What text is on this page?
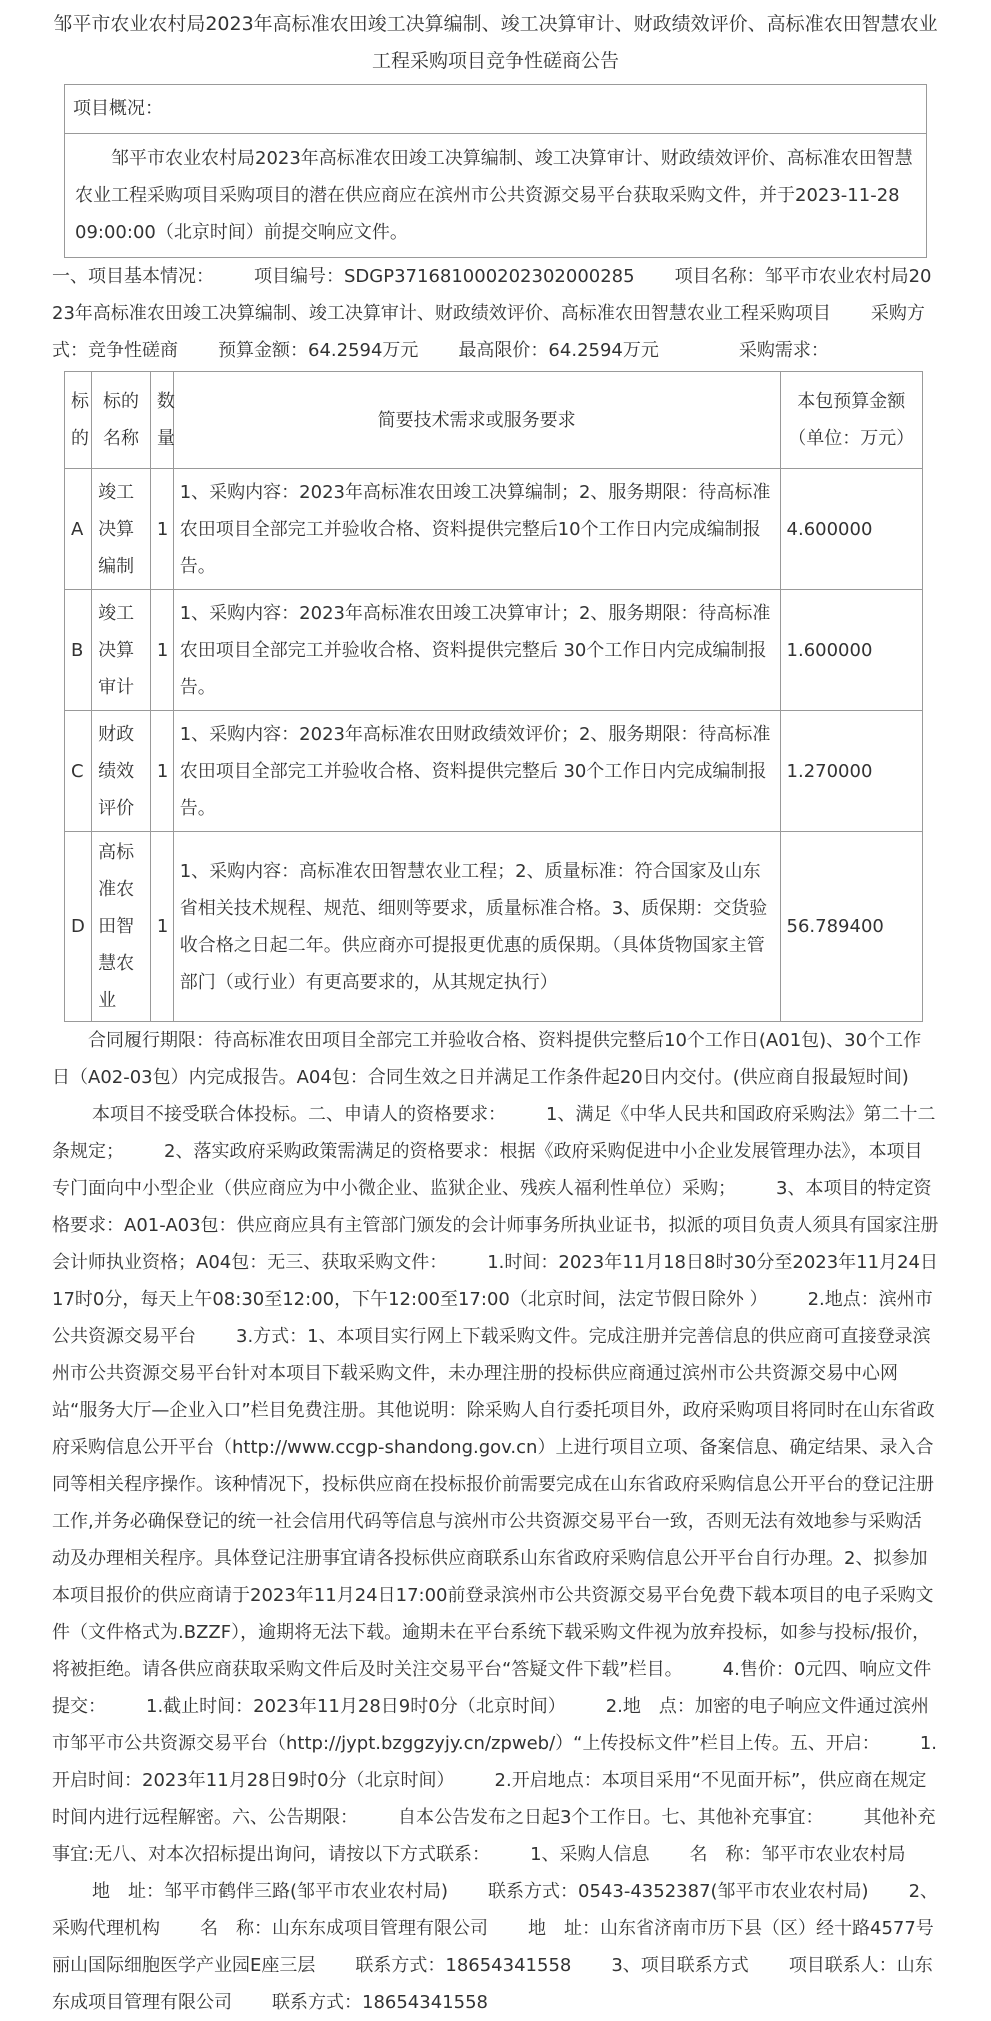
邹平市农业农村局2023年高标准农田竣工决算编制、竣工决算审计、财政绩效评价、高标准农田智慧农业工程采购项目竞争性磋商公告
项目概况：
邹平市农业农村局2023年高标准农田竣工决算编制、竣工决算审计、财政绩效评价、高标准农田智慧农业工程采购项目采购项目的潜在供应商应在滨州市公共资源交易平台获取采购文件，并于2023-11-28 09:00:00（北京时间）前提交响应文件。
一、项目基本情况： 项目编号：SDGP371681000202302000285 项目名称：邹平市农业农村局2023年高标准农田竣工决算编制、竣工决算审计、财政绩效评价、高标准农田智慧农业工程采购项目 采购方式：竞争性磋商 预算金额：64.2594万元 最高限价：64.2594万元	采购需求：
标的	标的名称	数量	简要技术需求或服务要求	本包预算金额（单位：万元）
A	竣工决算编制	1	1、采购内容：2023年高标准农田竣工决算编制；2、服务期限：待高标准农田项目全部完工并验收合格、资料提供完整后10个工作日内完成编制报告。	4.600000
B	竣工决算审计	1	1、采购内容：2023年高标准农田竣工决算审计；2、服务期限：待高标准农田项目全部完工并验收合格、资料提供完整后 30个工作日内完成编制报告。	1.600000
C	财政绩效评价	1	1、采购内容：2023年高标准农田财政绩效评价；2、服务期限：待高标准农田项目全部完工并验收合格、资料提供完整后 30个工作日内完成编制报告。	1.270000
D	高标准农田智慧农业	1	1、采购内容：高标准农田智慧农业工程；2、质量标准：符合国家及山东省相关技术规程、规范、细则等要求，质量标准合格。3、质保期：交货验收合格之日起二年。供应商亦可提报更优惠的质保期。（具体货物国家主管部门（或行业）有更高要求的，从其规定执行）	56.789400
合同履行期限：待高标准农田项目全部完工并验收合格、资料提供完整后10个工作日(A01包)、30个工作日（A02-03包）内完成报告。A04包：合同生效之日并满足工作条件起20日内交付。(供应商自报最短时间)本项目不接受联合体投标。二、申请人的资格要求： 1、满足《中华人民共和国政府采购法》第二十二条规定； 2、落实政府采购政策需满足的资格要求：根据《政府采购促进中小企业发展管理办法》，本项目专门面向中小型企业（供应商应为中小微企业、监狱企业、残疾人福利性单位）采购； 3、本项目的特定资格要求：A01-A03包：供应商应具有主管部门颁发的会计师事务所执业证书，拟派的项目负责人须具有国家注册会计师执业资格；A04包：无三、获取采购文件： 1.时间：2023年11月18日8时30分至2023年11月24日17时0分，每天上午08:30至12:00，下午12:00至17:00（北京时间，法定节假日除外 ） 2.地点：滨州市公共资源交易平台 3.方式：1、本项目实行网上下载采购文件。完成注册并完善信息的供应商可直接登录滨州市公共资源交易平台针对本项目下载采购文件，未办理注册的投标供应商通过滨州市公共资源交易中心网站“服务大厅—企业入口”栏目免费注册。其他说明：除采购人自行委托项目外，政府采购项目将同时在山东省政府采购信息公开平台（http://www.ccgp-shandong.gov.cn）上进行项目立项、备案信息、确定结果、录入合同等相关程序操作。该种情况下，投标供应商在投标报价前需要完成在山东省政府采购信息公开平台的登记注册工作,并务必确保登记的统一社会信用代码等信息与滨州市公共资源交易平台一致，否则无法有效地参与采购活动及办理相关程序。具体登记注册事宜请各投标供应商联系山东省政府采购信息公开平台自行办理。2、拟参加本项目报价的供应商请于2023年11月24日17:00前登录滨州市公共资源交易平台免费下载本项目的电子采购文件（文件格式为.BZZF），逾期将无法下载。逾期未在平台系统下载采购文件视为放弃投标，如参与投标/报价，将被拒绝。请各供应商获取采购文件后及时关注交易平台“答疑文件下载”栏目。 4.售价：0元四、响应文件提交： 1.截止时间：2023年11月28日9时0分（北京时间） 2.地　点：加密的电子响应文件通过滨州市邹平市公共资源交易平台（http://jypt.bzggzyjy.cn/zpweb/）“上传投标文件”栏目上传。五、开启： 1.开启时间：2023年11月28日9时0分（北京时间） 2.开启地点：本项目采用“不见面开标”，供应商在规定时间内进行远程解密。六、公告期限： 自本公告发布之日起3个工作日。七、其他补充事宜： 其他补充事宜:无八、对本次招标提出询问，请按以下方式联系： 1、采购人信息 名　称：邹平市农业农村局地　址：邹平市鹤伴三路(邹平市农业农村局) 联系方式：0543-4352387(邹平市农业农村局) 2、采购代理机构 名　称：山东东成项目管理有限公司 地　址：山东省济南市历下县（区）经十路4577号丽山国际细胞医学产业园E座三层 联系方式：18654341558 3、项目联系方式 项目联系人：山东东成项目管理有限公司 联系方式：18654341558
